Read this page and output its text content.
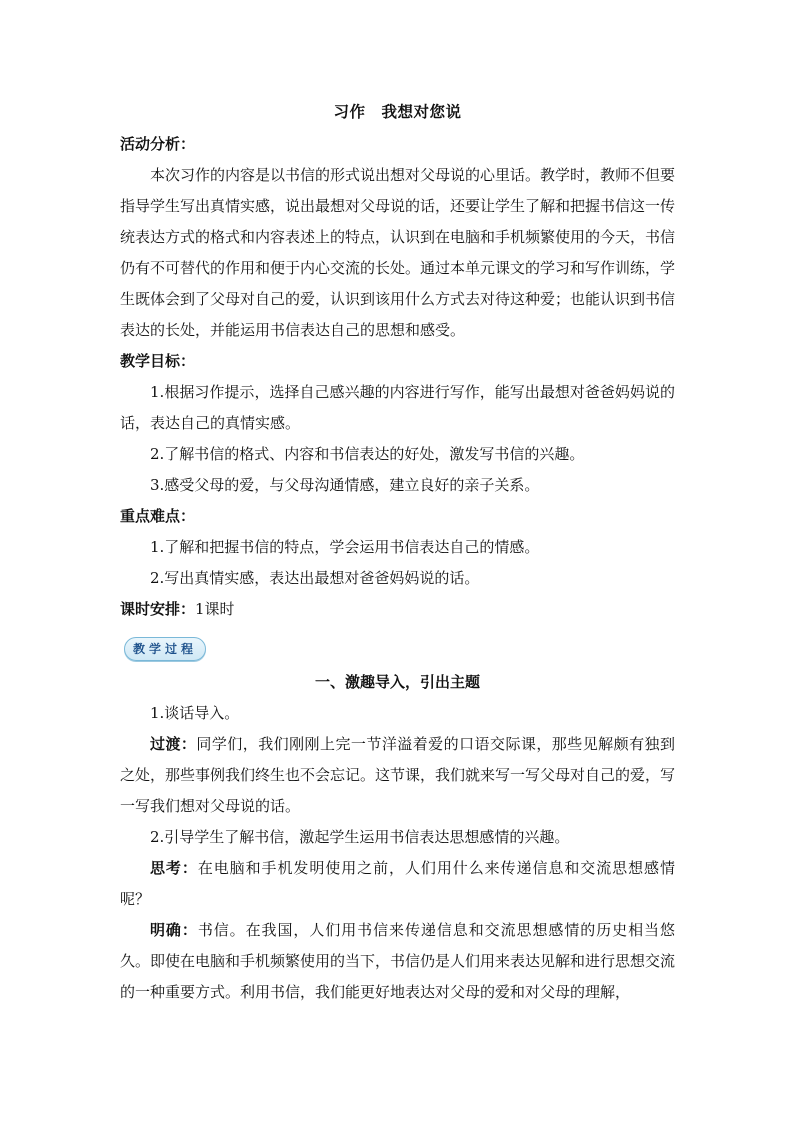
习作 我想对您说

活动分析：

本次习作的内容是以书信的形式说出想对父母说的心里话。教学时，教师不但要指导学生写出真情实感，说出最想对父母说的话，还要让学生了解和把握书信这一传统表达方式的格式和内容表述上的特点，认识到在电脑和手机频繁使用的今天，书信仍有不可替代的作用和便于内心交流的长处。通过本单元课文的学习和写作训练，学生既体会到了父母对自己的爱，认识到该用什么方式去对待这种爱；也能认识到书信表达的长处，并能运用书信表达自己的思想和感受。

教学目标：

1.根据习作提示，选择自己感兴趣的内容进行写作，能写出最想对爸爸妈妈说的话，表达自己的真情实感。

2.了解书信的格式、内容和书信表达的好处，激发写书信的兴趣。

3.感受父母的爱，与父母沟通情感，建立良好的亲子关系。

重点难点：

1.了解和把握书信的特点，学会运用书信表达自己的情感。

2.写出真情实感，表达出最想对爸爸妈妈说的话。

课时安排：1课时

教学过程

一、激趣导入，引出主题

1.谈话导入。

过渡：同学们，我们刚刚上完一节洋溢着爱的口语交际课，那些见解颇有独到之处，那些事例我们终生也不会忘记。这节课，我们就来写一写父母对自己的爱，写一写我们想对父母说的话。

2.引导学生了解书信，激起学生运用书信表达思想感情的兴趣。

思考：在电脑和手机发明使用之前，人们用什么来传递信息和交流思想感情呢？

明确：书信。在我国，人们用书信来传递信息和交流思想感情的历史相当悠久。即使在电脑和手机频繁使用的当下，书信仍是人们用来表达见解和进行思想交流的一种重要方式。利用书信，我们能更好地表达对父母的爱和对父母的理解，
